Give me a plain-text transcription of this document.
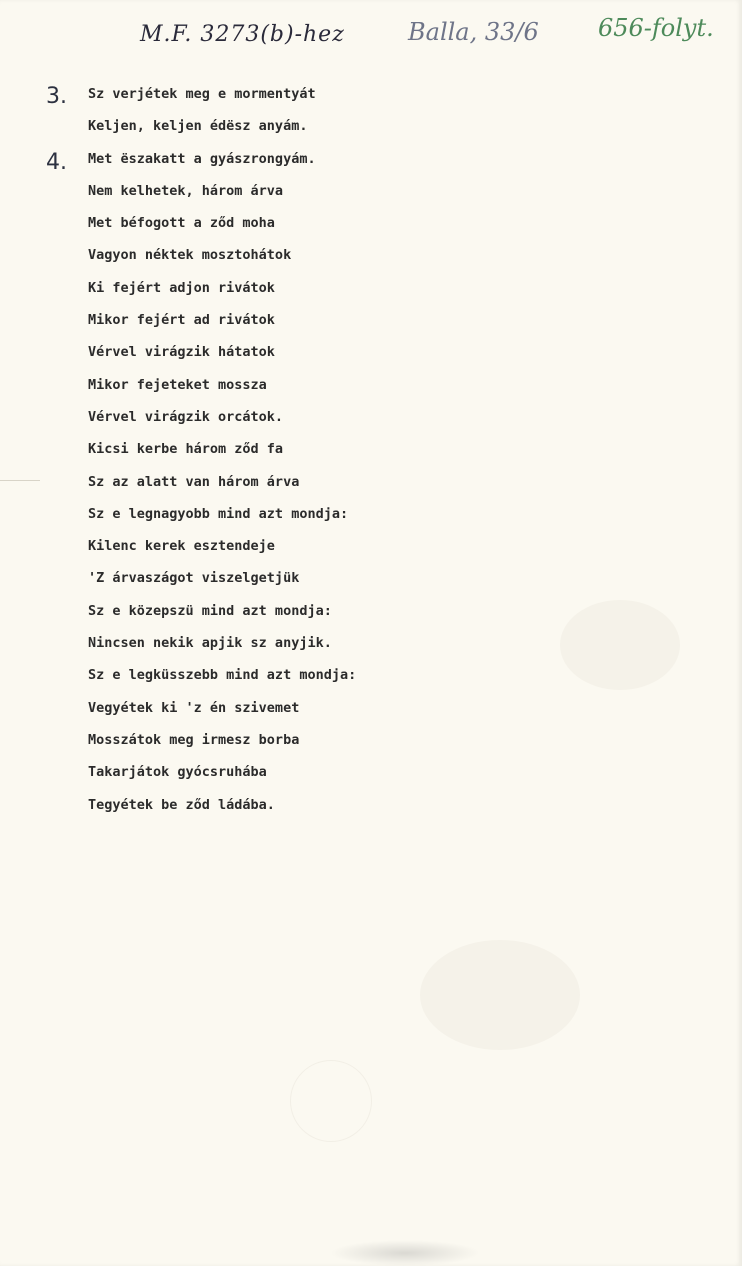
M.F. 3273(b)-hez	Balla, 33/6 656-folyt.
3.
4.
Sz verjétek meg e mormentyát
Keljen, keljen édësz anyám.
Met ëszakatt a gyászrongyám.
Nem kelhetek, három árva
Met béfogott a ződ moha
Vagyon néktek mosztohátok
Ki fejért adjon rivátok
Mikor fejért ad rivátok
Vérvel virágzik hátatok
Mikor fejeteket mossza
Vérvel virágzik orcátok.
Kicsi kerbe három ződ fa
Sz az alatt van három árva
Sz e legnagyobb mind azt mondja:
Kilenc kerek esztendeje
'Z árvaszágot viszelgetjük
Sz e közepszü mind azt mondja:
Nincsen nekik apjik sz anyjik.
Sz e legküsszebb mind azt mondja:
Vegyétek ki 'z én szivemet
Mosszátok meg irmesz borba
Takarjátok gyócsruhába
Tegyétek be ződ ládába.
